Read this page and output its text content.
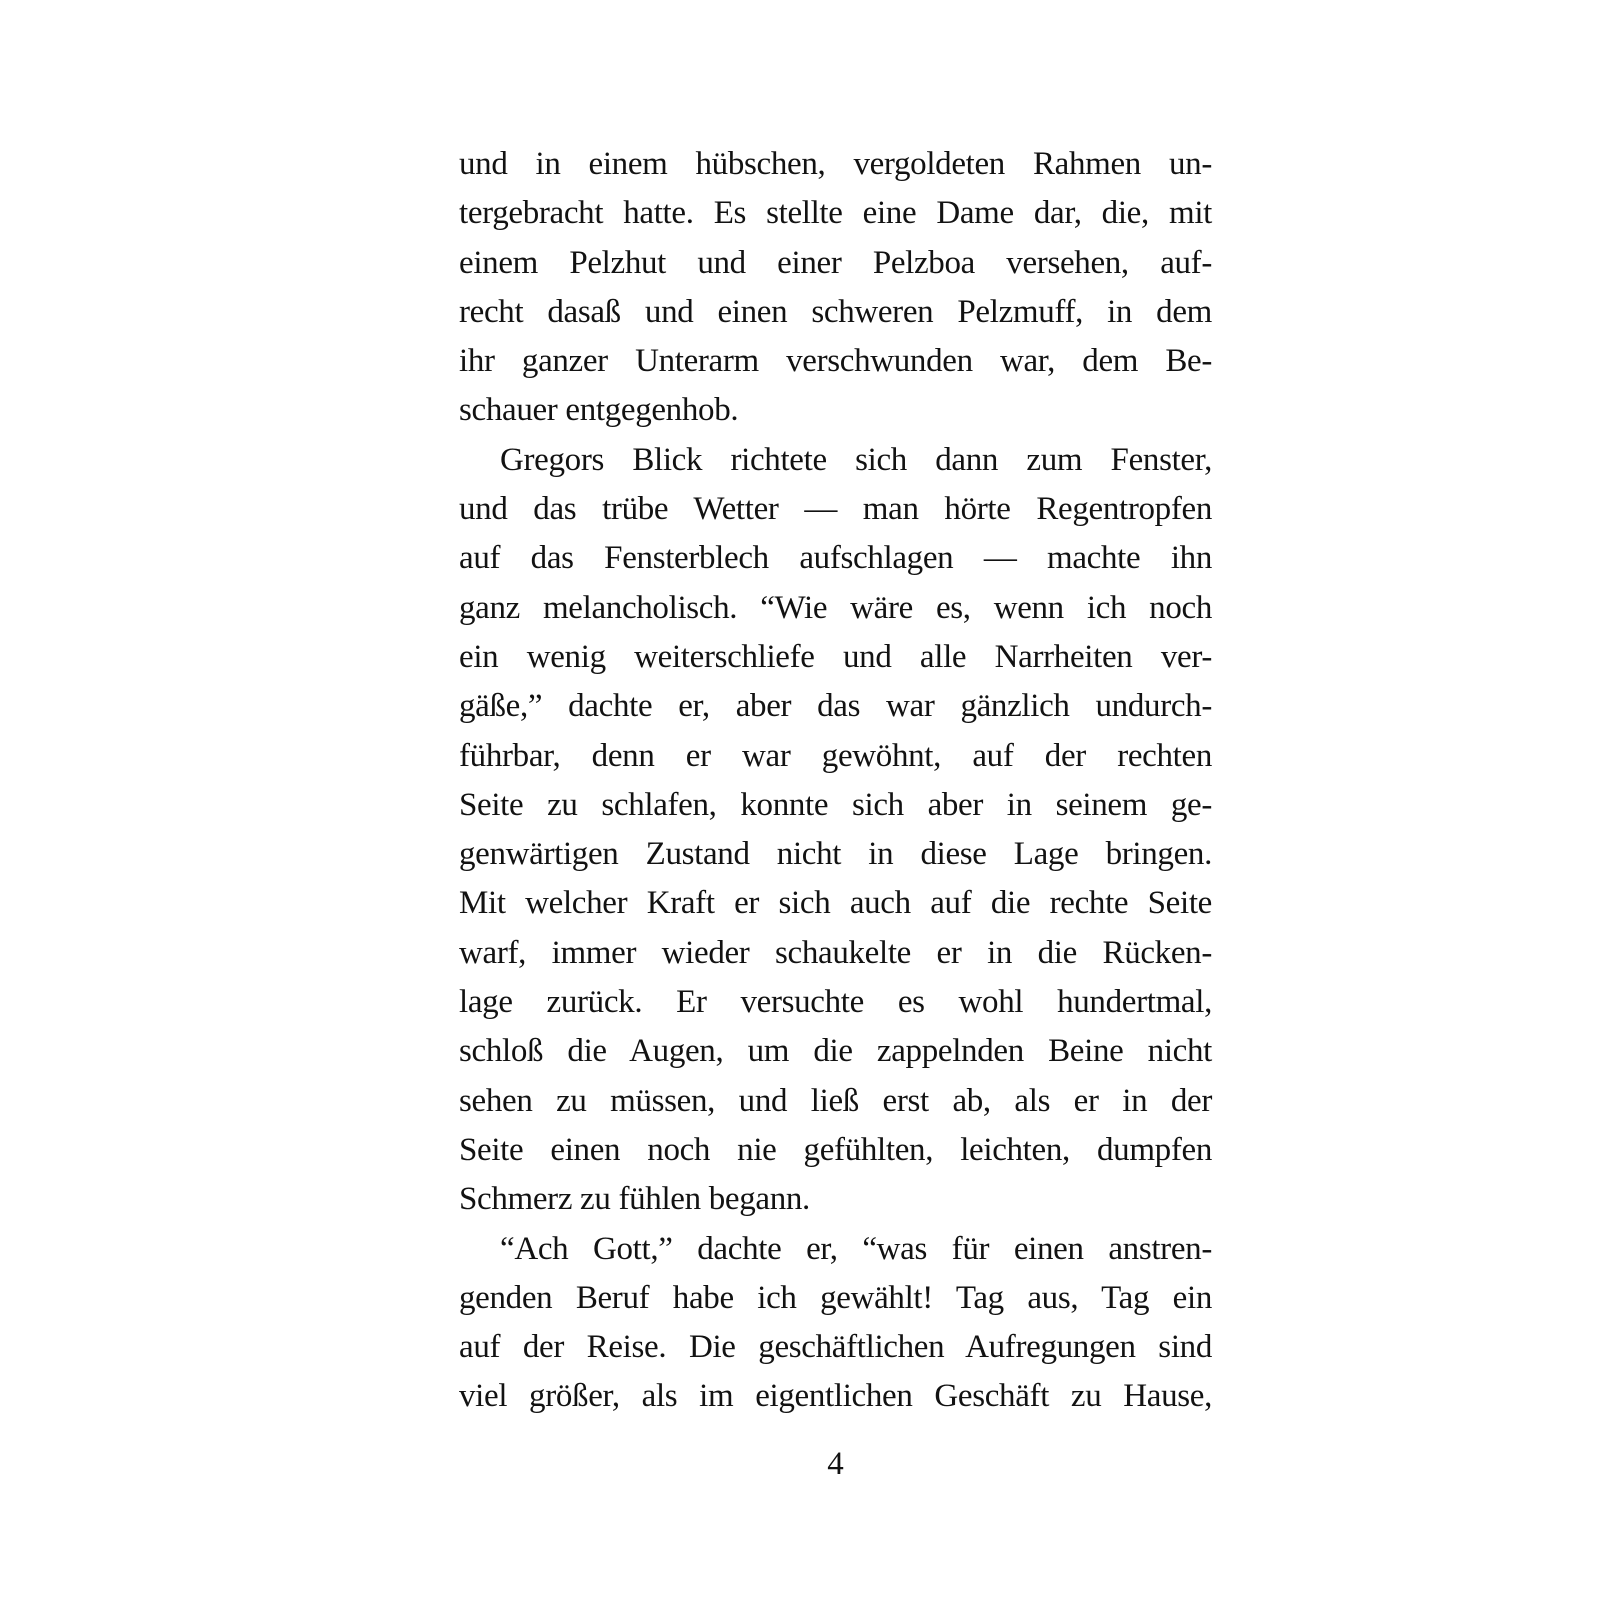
und in einem hübschen, vergoldeten Rahmen un-
tergebracht hatte. Es stellte eine Dame dar, die, mit
einem Pelzhut und einer Pelzboa versehen, auf-
recht dasaß und einen schweren Pelzmuff, in dem
ihr ganzer Unterarm verschwunden war, dem Be-
schauer entgegenhob.
Gregors Blick richtete sich dann zum Fenster,
und das trübe Wetter — man hörte Regentropfen
auf das Fensterblech aufschlagen — machte ihn
ganz melancholisch. “Wie wäre es, wenn ich noch
ein wenig weiterschliefe und alle Narrheiten ver-
gäße,” dachte er, aber das war gänzlich undurch-
führbar, denn er war gewöhnt, auf der rechten
Seite zu schlafen, konnte sich aber in seinem ge-
genwärtigen Zustand nicht in diese Lage bringen.
Mit welcher Kraft er sich auch auf die rechte Seite
warf, immer wieder schaukelte er in die Rücken-
lage zurück. Er versuchte es wohl hundertmal,
schloß die Augen, um die zappelnden Beine nicht
sehen zu müssen, und ließ erst ab, als er in der
Seite einen noch nie gefühlten, leichten, dumpfen
Schmerz zu fühlen begann.
“Ach Gott,” dachte er, “was für einen anstren-
genden Beruf habe ich gewählt! Tag aus, Tag ein
auf der Reise. Die geschäftlichen Aufregungen sind
viel größer, als im eigentlichen Geschäft zu Hause,
4
